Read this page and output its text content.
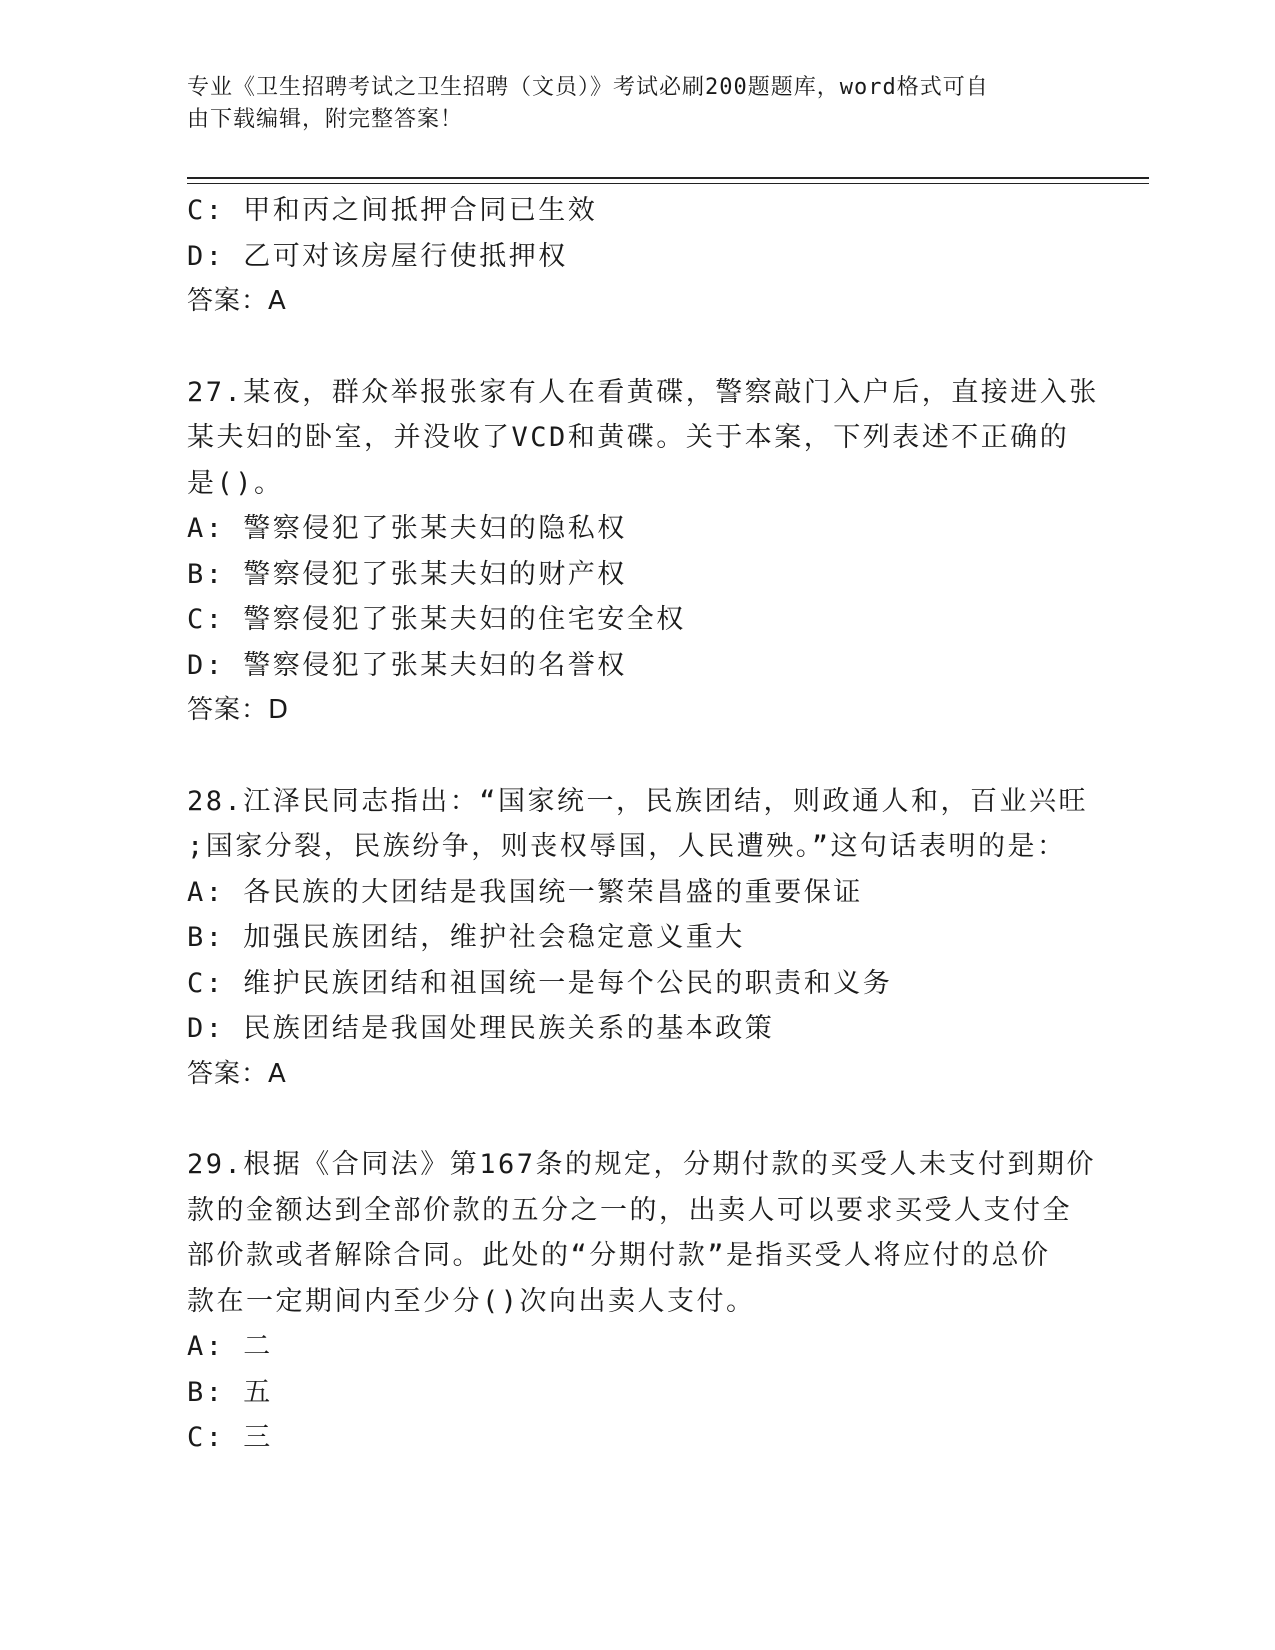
专业《卫生招聘考试之卫生招聘（文员）》考试必刷200题题库，word格式可自
由下载编辑，附完整答案！
C: 甲和丙之间抵押合同已生效
D: 乙可对该房屋行使抵押权
答案：A
27.某夜，群众举报张家有人在看黄碟，警察敲门入户后，直接进入张
某夫妇的卧室，并没收了VCD和黄碟。关于本案，下列表述不正确的
是()。
A: 警察侵犯了张某夫妇的隐私权
B: 警察侵犯了张某夫妇的财产权
C: 警察侵犯了张某夫妇的住宅安全权
D: 警察侵犯了张某夫妇的名誉权
答案：D
28.江泽民同志指出：“国家统一，民族团结，则政通人和，百业兴旺
;国家分裂，民族纷争，则丧权辱国，人民遭殃。”这句话表明的是：
A: 各民族的大团结是我国统一繁荣昌盛的重要保证
B: 加强民族团结，维护社会稳定意义重大
C: 维护民族团结和祖国统一是每个公民的职责和义务
D: 民族团结是我国处理民族关系的基本政策
答案：A
29.根据《合同法》第167条的规定，分期付款的买受人未支付到期价
款的金额达到全部价款的五分之一的，出卖人可以要求买受人支付全
部价款或者解除合同。此处的“分期付款”是指买受人将应付的总价
款在一定期间内至少分()次向出卖人支付。
A: 二
B: 五
C: 三
